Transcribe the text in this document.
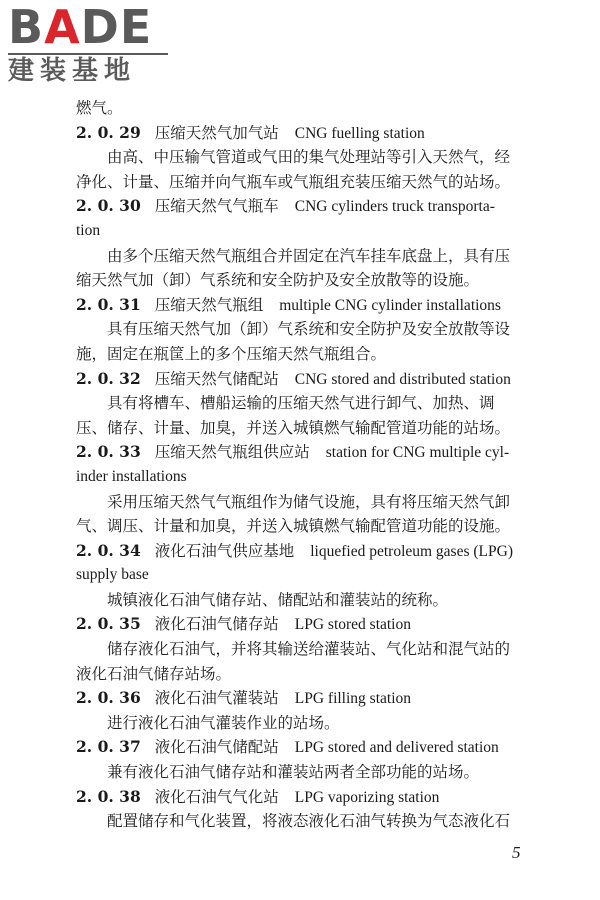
BADE
建装基地
燃气。
2. 0. 29 压缩天然气加气站 CNG fuelling station
由高、中压输气管道或气田的集气处理站等引入天然气，经
净化、计量、压缩并向气瓶车或气瓶组充装压缩天然气的站场。
2. 0. 30 压缩天然气气瓶车 CNG cylinders truck transporta-
tion
由多个压缩天然气瓶组合并固定在汽车挂车底盘上，具有压
缩天然气加（卸）气系统和安全防护及安全放散等的设施。
2. 0. 31 压缩天然气瓶组 multiple CNG cylinder installations
具有压缩天然气加（卸）气系统和安全防护及安全放散等设
施，固定在瓶筐上的多个压缩天然气瓶组合。
2. 0. 32 压缩天然气储配站 CNG stored and distributed station
具有将槽车、槽船运输的压缩天然气进行卸气、加热、调
压、储存、计量、加臭，并送入城镇燃气输配管道功能的站场。
2. 0. 33 压缩天然气瓶组供应站 station for CNG multiple cyl-
inder installations
采用压缩天然气气瓶组作为储气设施，具有将压缩天然气卸
气、调压、计量和加臭，并送入城镇燃气输配管道功能的设施。
2. 0. 34 液化石油气供应基地 liquefied petroleum gases (LPG)
supply base
城镇液化石油气储存站、储配站和灌装站的统称。
2. 0. 35 液化石油气储存站 LPG stored station
储存液化石油气，并将其输送给灌装站、气化站和混气站的
液化石油气储存站场。
2. 0. 36 液化石油气灌装站 LPG filling station
进行液化石油气灌装作业的站场。
2. 0. 37 液化石油气储配站 LPG stored and delivered station
兼有液化石油气储存站和灌装站两者全部功能的站场。
2. 0. 38 液化石油气气化站 LPG vaporizing station
配置储存和气化装置，将液态液化石油气转换为气态液化石
5
